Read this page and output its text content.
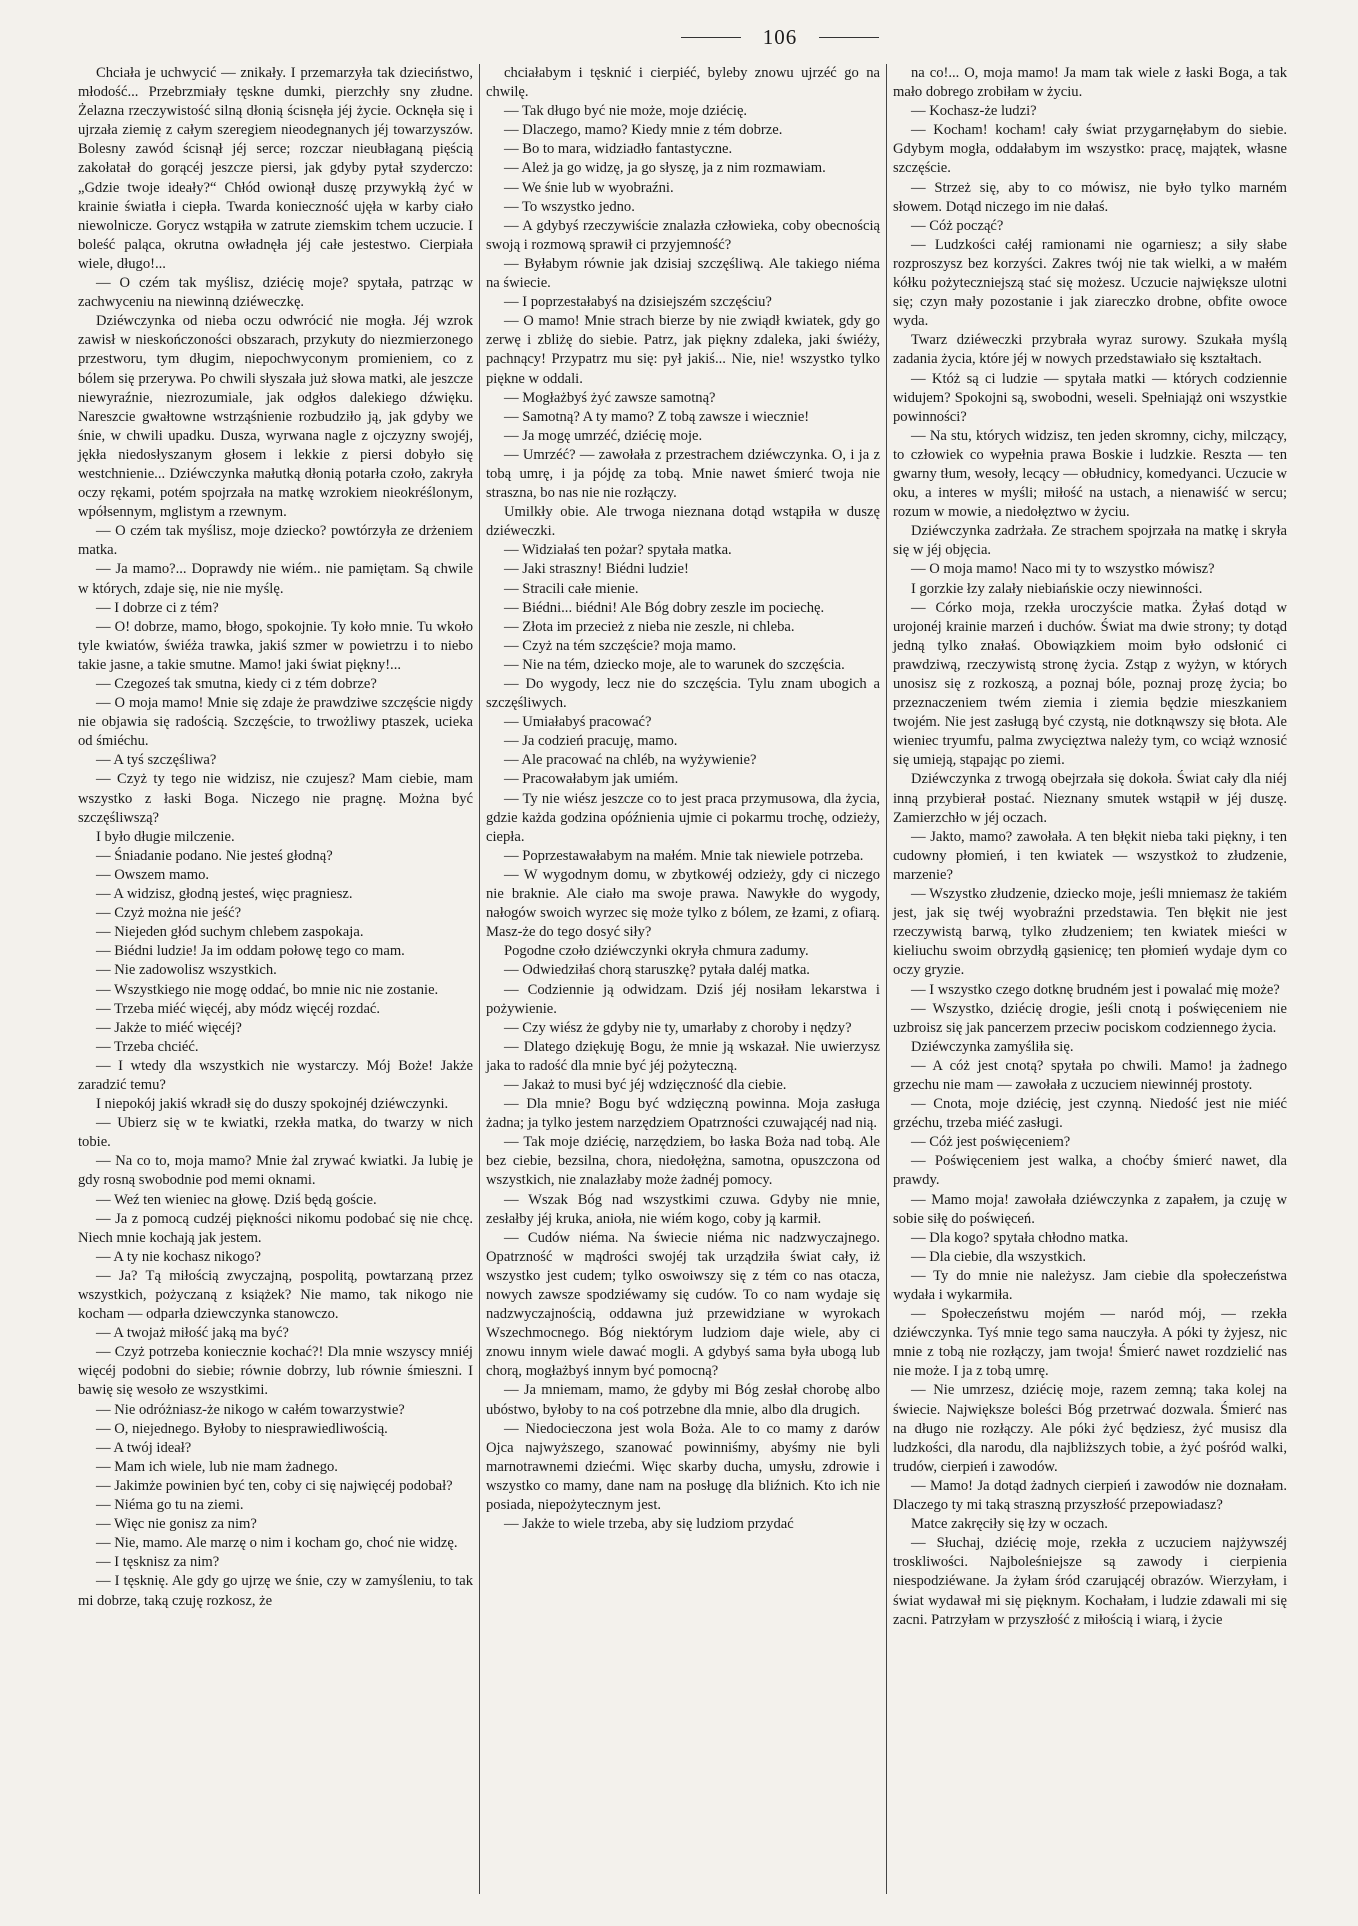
106

Chciała je uchwycić — znikały. I przemarzyła tak dzieciństwo, młodość... Przebrzmiały tęskne dumki, pierzchły sny złudne. Żelazna rzeczywistość silną dłonią ścisnęła jéj życie. Ocknęła się i ujrzała ziemię z całym szeregiem nieodegnanych jéj towarzyszów. Bolesny zawód ścisnął jéj serce; rozczar nieubłaganą pięścią zakołatał do gorącéj jeszcze piersi, jak gdyby pytał szyderczo: „Gdzie twoje ideały?“ Chłód owionął duszę przywykłą żyć w krainie światła i ciepła. Twarda konieczność ujęła w karby ciało niewolnicze. Gorycz wstąpiła w zatrute ziemskim tchem uczucie. I boleść paląca, okrutna owładnęła jéj całe jestestwo. Cierpiała wiele, długo!...

— O czém tak myślisz, dziécię moje? spytała, patrząc w zachwyceniu na niewinną dziéweczkę.

Dziéwczynka od nieba oczu odwrócić nie mogła. Jéj wzrok zawisł w nieskończoności obszarach, przykuty do niezmierzonego przestworu, tym długim, niepochwyconym promieniem, co z bólem się przerywa. Po chwili słyszała już słowa matki, ale jeszcze niewyraźnie, niezrozumiale, jak odgłos dalekiego dźwięku. Nareszcie gwałtowne wstrząśnienie rozbudziło ją, jak gdyby we śnie, w chwili upadku. Dusza, wyrwana nagle z ojczyzny swojéj, jękła niedosłyszanym głosem i lekkie z piersi dobyło się westchnienie... Dziéwczynka małutką dłonią potarła czoło, zakryła oczy rękami, potém spojrzała na matkę wzrokiem nieokréślonym, wpółsennym, mglistym a rzewnym.

— O czém tak myślisz, moje dziecko? powtórzyła ze drżeniem matka.

— Ja mamo?... Doprawdy nie wiém.. nie pamiętam. Są chwile w których, zdaje się, nie nie myślę.

— I dobrze ci z tém?

— O! dobrze, mamo, błogo, spokojnie. Ty koło mnie. Tu wkoło tyle kwiatów, świéża trawka, jakiś szmer w powietrzu i to niebo takie jasne, a takie smutne. Mamo! jaki świat piękny!...

— Czegoześ tak smutna, kiedy ci z tém dobrze?

— O moja mamo! Mnie się zdaje że prawdziwe szczęście nigdy nie objawia się radością. Szczęście, to trwożliwy ptaszek, ucieka od śmiéchu.

— A tyś szczęśliwa?

— Czyż ty tego nie widzisz, nie czujesz? Mam ciebie, mam wszystko z łaski Boga. Niczego nie pragnę. Można być szczęśliwszą?

I było długie milczenie.

— Śniadanie podano. Nie jesteś głodną?

— Owszem mamo.

— A widzisz, głodną jesteś, więc pragniesz.

— Czyż można nie jeść?

— Niejeden głód suchym chlebem zaspokaja.

— Biédni ludzie! Ja im oddam połowę tego co mam.

— Nie zadowolisz wszystkich.

— Wszystkiego nie mogę oddać, bo mnie nic nie zostanie.

— Trzeba miéć więcéj, aby módz więcéj rozdać.

— Jakże to miéć więcéj?

— Trzeba chciéć.

— I wtedy dla wszystkich nie wystarczy. Mój Boże! Jakże zaradzić temu?

I niepokój jakiś wkradł się do duszy spokojnéj dziéwczynki.

— Ubierz się w te kwiatki, rzekła matka, do twarzy w nich tobie.

— Na co to, moja mamo? Mnie żal zrywać kwiatki. Ja lubię je gdy rosną swobodnie pod memi oknami.

— Weź ten wieniec na głowę. Dziś będą goście.

— Ja z pomocą cudzéj piękności nikomu podobać się nie chcę. Niech mnie kochają jak jestem.

— A ty nie kochasz nikogo?

— Ja? Tą miłością zwyczajną, pospolitą, powtarzaną przez wszystkich, pożyczaną z książek? Nie mamo, tak nikogo nie kocham — odparła dziewczynka stanowczo.

— A twojaż miłość jaką ma być?

— Czyż potrzeba koniecznie kochać?! Dla mnie wszyscy mniéj więcéj podobni do siebie; równie dobrzy, lub równie śmieszni. I bawię się wesoło ze wszystkimi.

— Nie odróżniasz-że nikogo w całém towarzystwie?

— O, niejednego. Byłoby to niesprawiedliwością.

— A twój ideał?

— Mam ich wiele, lub nie mam żadnego.

— Jakimże powinien być ten, coby ci się najwięcéj podobał?

— Niéma go tu na ziemi.

— Więc nie gonisz za nim?

— Nie, mamo. Ale marzę o nim i kocham go, choć nie widzę.

— I tęsknisz za nim?

— I tęsknię. Ale gdy go ujrzę we śnie, czy w zamyśleniu, to tak mi dobrze, taką czuję rozkosz, że

chciałabym i tęsknić i cierpiéć, byleby znowu ujrzéć go na chwilę.

— Tak długo być nie może, moje dziécię.

— Dlaczego, mamo? Kiedy mnie z tém dobrze.

— Bo to mara, widziadło fantastyczne.

— Ależ ja go widzę, ja go słyszę, ja z nim rozmawiam.

— We śnie lub w wyobraźni.

— To wszystko jedno.

— A gdybyś rzeczywiście znalazła człowieka, coby obecnością swoją i rozmową sprawił ci przyjemność?

— Byłabym równie jak dzisiaj szczęśliwą. Ale takiego niéma na świecie.

— I poprzestałabyś na dzisiejszém szczęściu?

— O mamo! Mnie strach bierze by nie zwiądł kwiatek, gdy go zerwę i zbliżę do siebie. Patrz, jak piękny zdaleka, jaki świéży, pachnący! Przypatrz mu się: pył jakiś... Nie, nie! wszystko tylko piękne w oddali.

— Mogłażbyś żyć zawsze samotną?

— Samotną? A ty mamo? Z tobą zawsze i wiecznie!

— Ja mogę umrzéć, dziécię moje.

— Umrzéć? — zawołała z przestrachem dziéwczynka. O, i ja z tobą umrę, i ja pójdę za tobą. Mnie nawet śmierć twoja nie straszna, bo nas nie nie rozłączy.

Umilkły obie. Ale trwoga nieznana dotąd wstąpiła w duszę dziéweczki.

— Widziałaś ten pożar? spytała matka.

— Jaki straszny! Biédni ludzie!

— Stracili całe mienie.

— Biédni... biédni! Ale Bóg dobry zeszle im pociechę.

— Złota im przecież z nieba nie zeszle, ni chleba.

— Czyż na tém szczęście? moja mamo.

— Nie na tém, dziecko moje, ale to warunek do szczęścia.

— Do wygody, lecz nie do szczęścia. Tylu znam ubogich a szczęśliwych.

— Umiałabyś pracować?

— Ja codzień pracuję, mamo.

— Ale pracować na chléb, na wyżywienie?

— Pracowałabym jak umiém.

— Ty nie wiész jeszcze co to jest praca przymusowa, dla życia, gdzie każda godzina opóźnienia ujmie ci pokarmu trochę, odzieży, ciepła.

— Poprzestawałabym na małém. Mnie tak niewiele potrzeba.

— W wygodnym domu, w zbytkowéj odzieży, gdy ci niczego nie braknie. Ale ciało ma swoje prawa. Nawykłe do wygody, nałogów swoich wyrzec się może tylko z bólem, ze łzami, z ofiarą. Masz-że do tego dosyć siły?

Pogodne czoło dziéwczynki okryła chmura zadumy.

— Odwiedziłaś chorą staruszkę? pytała daléj matka.

— Codziennie ją odwidzam. Dziś jéj nosiłam lekarstwa i pożywienie.

— Czy wiész że gdyby nie ty, umarłaby z choroby i nędzy?

— Dlatego dziękuję Bogu, że mnie ją wskazał. Nie uwierzysz jaka to radość dla mnie być jéj pożyteczną.

— Jakaż to musi być jéj wdzięczność dla ciebie.

— Dla mnie? Bogu być wdzięczną powinna. Moja zasługa żadna; ja tylko jestem narzędziem Opatrzności czuwającéj nad nią.

— Tak moje dziécię, narzędziem, bo łaska Boża nad tobą. Ale bez ciebie, bezsilna, chora, niedołężna, samotna, opuszczona od wszystkich, nie znalazłaby może żadnéj pomocy.

— Wszak Bóg nad wszystkimi czuwa. Gdyby nie mnie, zesłałby jéj kruka, anioła, nie wiém kogo, coby ją karmił.

— Cudów niéma. Na świecie niéma nic nadzwyczajnego. Opatrzność w mądrości swojéj tak urządziła świat cały, iż wszystko jest cudem; tylko oswoiwszy się z tém co nas otacza, nowych zawsze spodziéwamy się cudów. To co nam wydaje się nadzwyczajnością, oddawna już przewidziane w wyrokach Wszechmocnego. Bóg niektórym ludziom daje wiele, aby ci znowu innym wiele dawać mogli. A gdybyś sama była ubogą lub chorą, mogłażbyś innym być pomocną?

— Ja mniemam, mamo, że gdyby mi Bóg zesłał chorobę albo ubóstwo, byłoby to na coś potrzebne dla mnie, albo dla drugich.

— Niedocieczona jest wola Boża. Ale to co mamy z darów Ojca najwyższego, szanować powinniśmy, abyśmy nie byli marnotrawnemi dziećmi. Więc skarby ducha, umysłu, zdrowie i wszystko co mamy, dane nam na posługę dla bliźnich. Kto ich nie posiada, niepożytecznym jest.

— Jakże to wiele trzeba, aby się ludziom przydać

na co!... O, moja mamo! Ja mam tak wiele z łaski Boga, a tak mało dobrego zrobiłam w życiu.

— Kochasz-że ludzi?

— Kocham! kocham! cały świat przygarnęłabym do siebie. Gdybym mogła, oddałabym im wszystko: pracę, majątek, własne szczęście.

— Strzeż się, aby to co mówisz, nie było tylko marném słowem. Dotąd niczego im nie dałaś.

— Cóż począć?

— Ludzkości całéj ramionami nie ogarniesz; a siły słabe rozproszysz bez korzyści. Zakres twój nie tak wielki, a w małém kółku pożyteczniejszą stać się możesz. Uczucie największe ulotni się; czyn mały pozostanie i jak ziareczko drobne, obfite owoce wyda.

Twarz dziéweczki przybrała wyraz surowy. Szukała myślą zadania życia, które jéj w nowych przedstawiało się kształtach.

— Któż są ci ludzie — spytała matki — których codziennie widujem? Spokojni są, swobodni, weseli. Spełniająż oni wszystkie powinności?

— Na stu, których widzisz, ten jeden skromny, cichy, milczący, to człowiek co wypełnia prawa Boskie i ludzkie. Reszta — ten gwarny tłum, wesoły, lecący — obłudnicy, komedyanci. Uczucie w oku, a interes w myśli; miłość na ustach, a nienawiść w sercu; rozum w mowie, a niedołęztwo w życiu.

Dziéwczynka zadrżała. Ze strachem spojrzała na matkę i skryła się w jéj objęcia.

— O moja mamo! Naco mi ty to wszystko mówisz?

I gorzkie łzy zalały niebiańskie oczy niewinności.

— Córko moja, rzekła uroczyście matka. Żyłaś dotąd w urojonéj krainie marzeń i duchów. Świat ma dwie strony; ty dotąd jedną tylko znałaś. Obowiązkiem moim było odsłonić ci prawdziwą, rzeczywistą stronę życia. Zstąp z wyżyn, w których unosisz się z rozkoszą, a poznaj bóle, poznaj prozę życia; bo przeznaczeniem twém ziemia i ziemia będzie mieszkaniem twojém. Nie jest zasługą być czystą, nie dotknąwszy się błota. Ale wieniec tryumfu, palma zwycięztwa należy tym, co wciąż wznosić się umieją, stąpając po ziemi.

Dziéwczynka z trwogą obejrzała się dokoła. Świat cały dla niéj inną przybierał postać. Nieznany smutek wstąpił w jéj duszę. Zamierzchło w jéj oczach.

— Jakto, mamo? zawołała. A ten błękit nieba taki piękny, i ten cudowny płomień, i ten kwiatek — wszystkoż to złudzenie, marzenie?

— Wszystko złudzenie, dziecko moje, jeśli mniemasz że takiém jest, jak się twéj wyobraźni przedstawia. Ten błękit nie jest rzeczywistą barwą, tylko złudzeniem; ten kwiatek mieści w kieliuchu swoim obrzydłą gąsienicę; ten płomień wydaje dym co oczy gryzie.

— I wszystko czego dotknę brudném jest i powalać mię może?

— Wszystko, dziécię drogie, jeśli cnotą i poświęceniem nie uzbroisz się jak pancerzem przeciw pociskom codziennego życia.

Dziéwczynka zamyśliła się.

— A cóż jest cnotą? spytała po chwili. Mamo! ja żadnego grzechu nie mam — zawołała z uczuciem niewinnéj prostoty.

— Cnota, moje dziécię, jest czynną. Niedość jest nie miéć grzéchu, trzeba miéć zasługi.

— Cóż jest poświęceniem?

— Poświęceniem jest walka, a choćby śmierć nawet, dla prawdy.

— Mamo moja! zawołała dziéwczynka z zapałem, ja czuję w sobie siłę do poświęceń.

— Dla kogo? spytała chłodno matka.

— Dla ciebie, dla wszystkich.

— Ty do mnie nie należysz. Jam ciebie dla społeczeństwa wydała i wykarmiła.

— Społeczeństwu mojém — naród mój, — rzekła dziéwczynka. Tyś mnie tego sama nauczyła. A póki ty żyjesz, nic mnie z tobą nie rozłączy, jam twoja! Śmierć nawet rozdzielić nas nie może. I ja z tobą umrę.

— Nie umrzesz, dziécię moje, razem zemną; taka kolej na świecie. Największe boleści Bóg przetrwać dozwala. Śmierć nas na długo nie rozłączy. Ale póki żyć będziesz, żyć musisz dla ludzkości, dla narodu, dla najbliższych tobie, a żyć pośród walki, trudów, cierpień i zawodów.

— Mamo! Ja dotąd żadnych cierpień i zawodów nie doznałam. Dlaczego ty mi taką straszną przyszłość przepowiadasz?

Matce zakręciły się łzy w oczach.

— Słuchaj, dziécię moje, rzekła z uczuciem najżywszéj troskliwości. Najboleśniejsze są zawody i cierpienia niespodziéwane. Ja żyłam śród czarującéj obrazów. Wierzyłam, i świat wydawał mi się pięknym. Kochałam, i ludzie zdawali mi się zacni. Patrzyłam w przyszłość z miłością i wiarą, i życie
